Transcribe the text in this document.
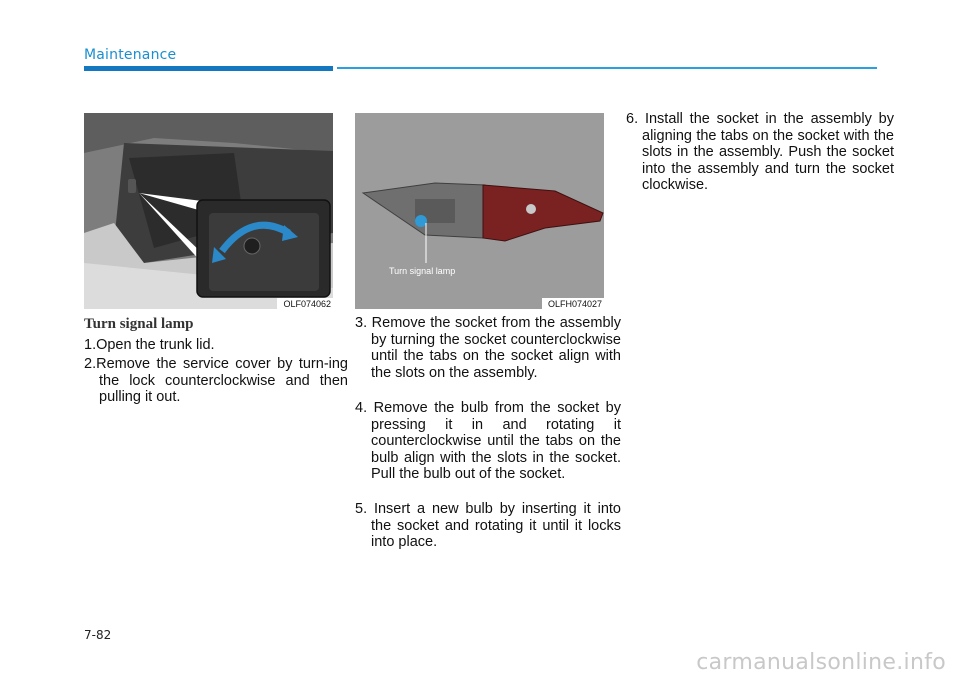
Maintenance
OLF074062
Turn signal lamp
OLFH074027
Turn signal lamp
1.Open the trunk lid.
2.Remove the service cover by turn-ing the lock counterclockwise and then pulling it out.
3. Remove the socket from the assembly by turning the socket counterclockwise until the tabs on the socket align with the slots on the assembly.
4. Remove the bulb from the socket by pressing it in and rotating it counterclockwise until the tabs on the bulb align with the slots in the socket. Pull the bulb out of the socket.
5. Insert a new bulb by inserting it into the socket and rotating it until it locks into place.
6. Install the socket in the assembly by aligning the tabs on the socket with the slots in the assembly. Push the socket into the assembly and turn the socket clockwise.
7-82
carmanualsonline.info
